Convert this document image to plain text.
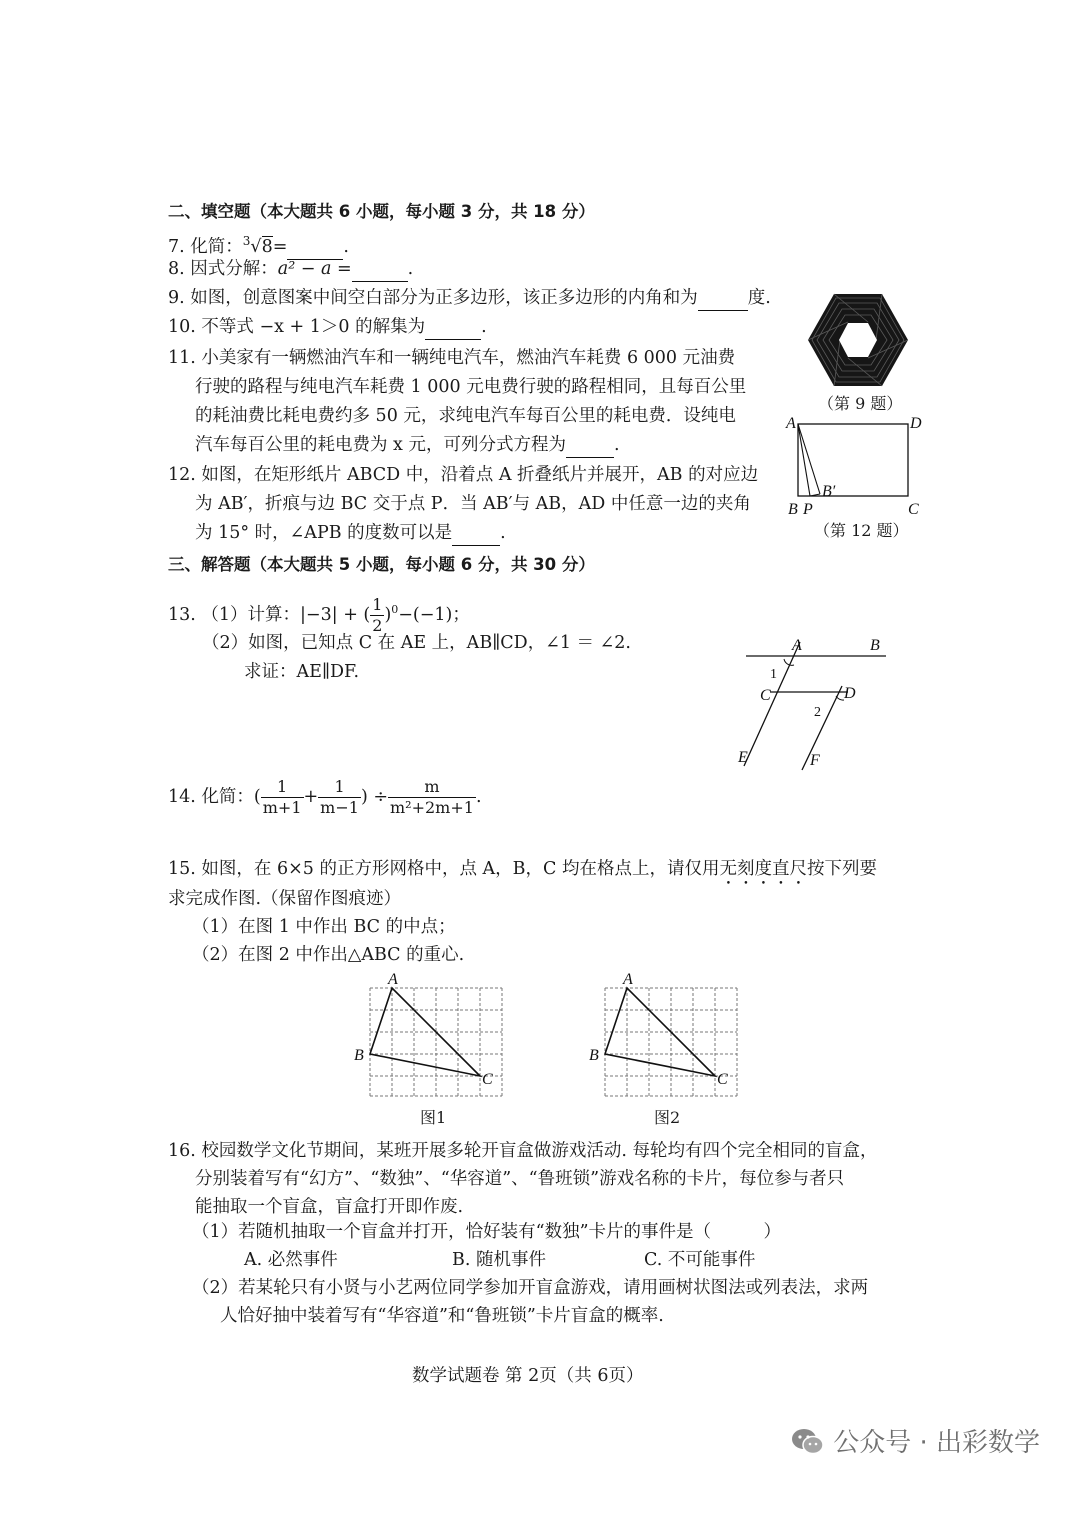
二、填空题（本大题共 6 小题，每小题 3 分，共 18 分）
7. 化简：$^3$√8=	.
8. 因式分解：a² − a =	.
9. 如图，创意图案中间空白部分为正多边形，该正多边形的内角和为	度.
10. 不等式 −x + 1＞0 的解集为	.
11. 小美家有一辆燃油汽车和一辆纯电汽车，燃油汽车耗费 6 000 元油费
行驶的路程与纯电汽车耗费 1 000 元电费行驶的路程相同，且每百公里
的耗油费比耗电费约多 50 元，求纯电汽车每百公里的耗电费．设纯电
汽车每百公里的耗电费为 x 元，可列分式方程为	.
12. 如图，在矩形纸片 ABCD 中，沿着点 A 折叠纸片并展开，AB 的对应边
为 AB′，折痕与边 BC 交于点 P．当 AB′与 AB，AD 中任意一边的夹角
为 15° 时，∠APB 的度数可以是	.
（第 9 题）
A	D
B P
B′
C
（第 12 题）
三、解答题（本大题共 5 小题，每小题 6 分，共 30 分）
13. （1）计算：|−3| + ( $\frac{1}{2} )^0-(-1)$；
（2）如图，已知点 C 在 AE 上，AB∥CD，∠1 ＝ ∠2.
求证：AE∥DF.
A	B
C	D
E	F
1
2
14. 化简：( $\frac{1}{m+1} + \frac{1}{m-1}$ ) ÷ $\frac{m}{\text{m²+2m+1}}$ .
15. 如图，在 6×5 的正方形网格中，点 A，B，C 均在格点上，请仅用无刻度直尺按下列要
求完成作图.（保留作图痕迹）
（1）在图 1 中作出 BC 的中点；
（2）在图 2 中作出△ABC 的重心.
A
B
C
图1
A
B
C
图2
16. 校园数学文化节期间，某班开展多轮开盲盒做游戏活动. 每轮均有四个完全相同的盲盒，
分别装着写有“幻方”、“数独”、“华容道”、“鲁班锁”游戏名称的卡片，每位参与者只
能抽取一个盲盒，盲盒打开即作废.
（1）若随机抽取一个盲盒并打开，恰好装有“数独”卡片的事件是（　　　）
A. 必然事件	B. 随机事件	C. 不可能事件
（2）若某轮只有小贤与小艺两位同学参加开盲盒游戏，请用画树状图法或列表法，求两
人恰好抽中装着写有“华容道”和“鲁班锁”卡片盲盒的概率.
数学试题卷 第 2页（共 6页）
公众号 · 出彩数学
